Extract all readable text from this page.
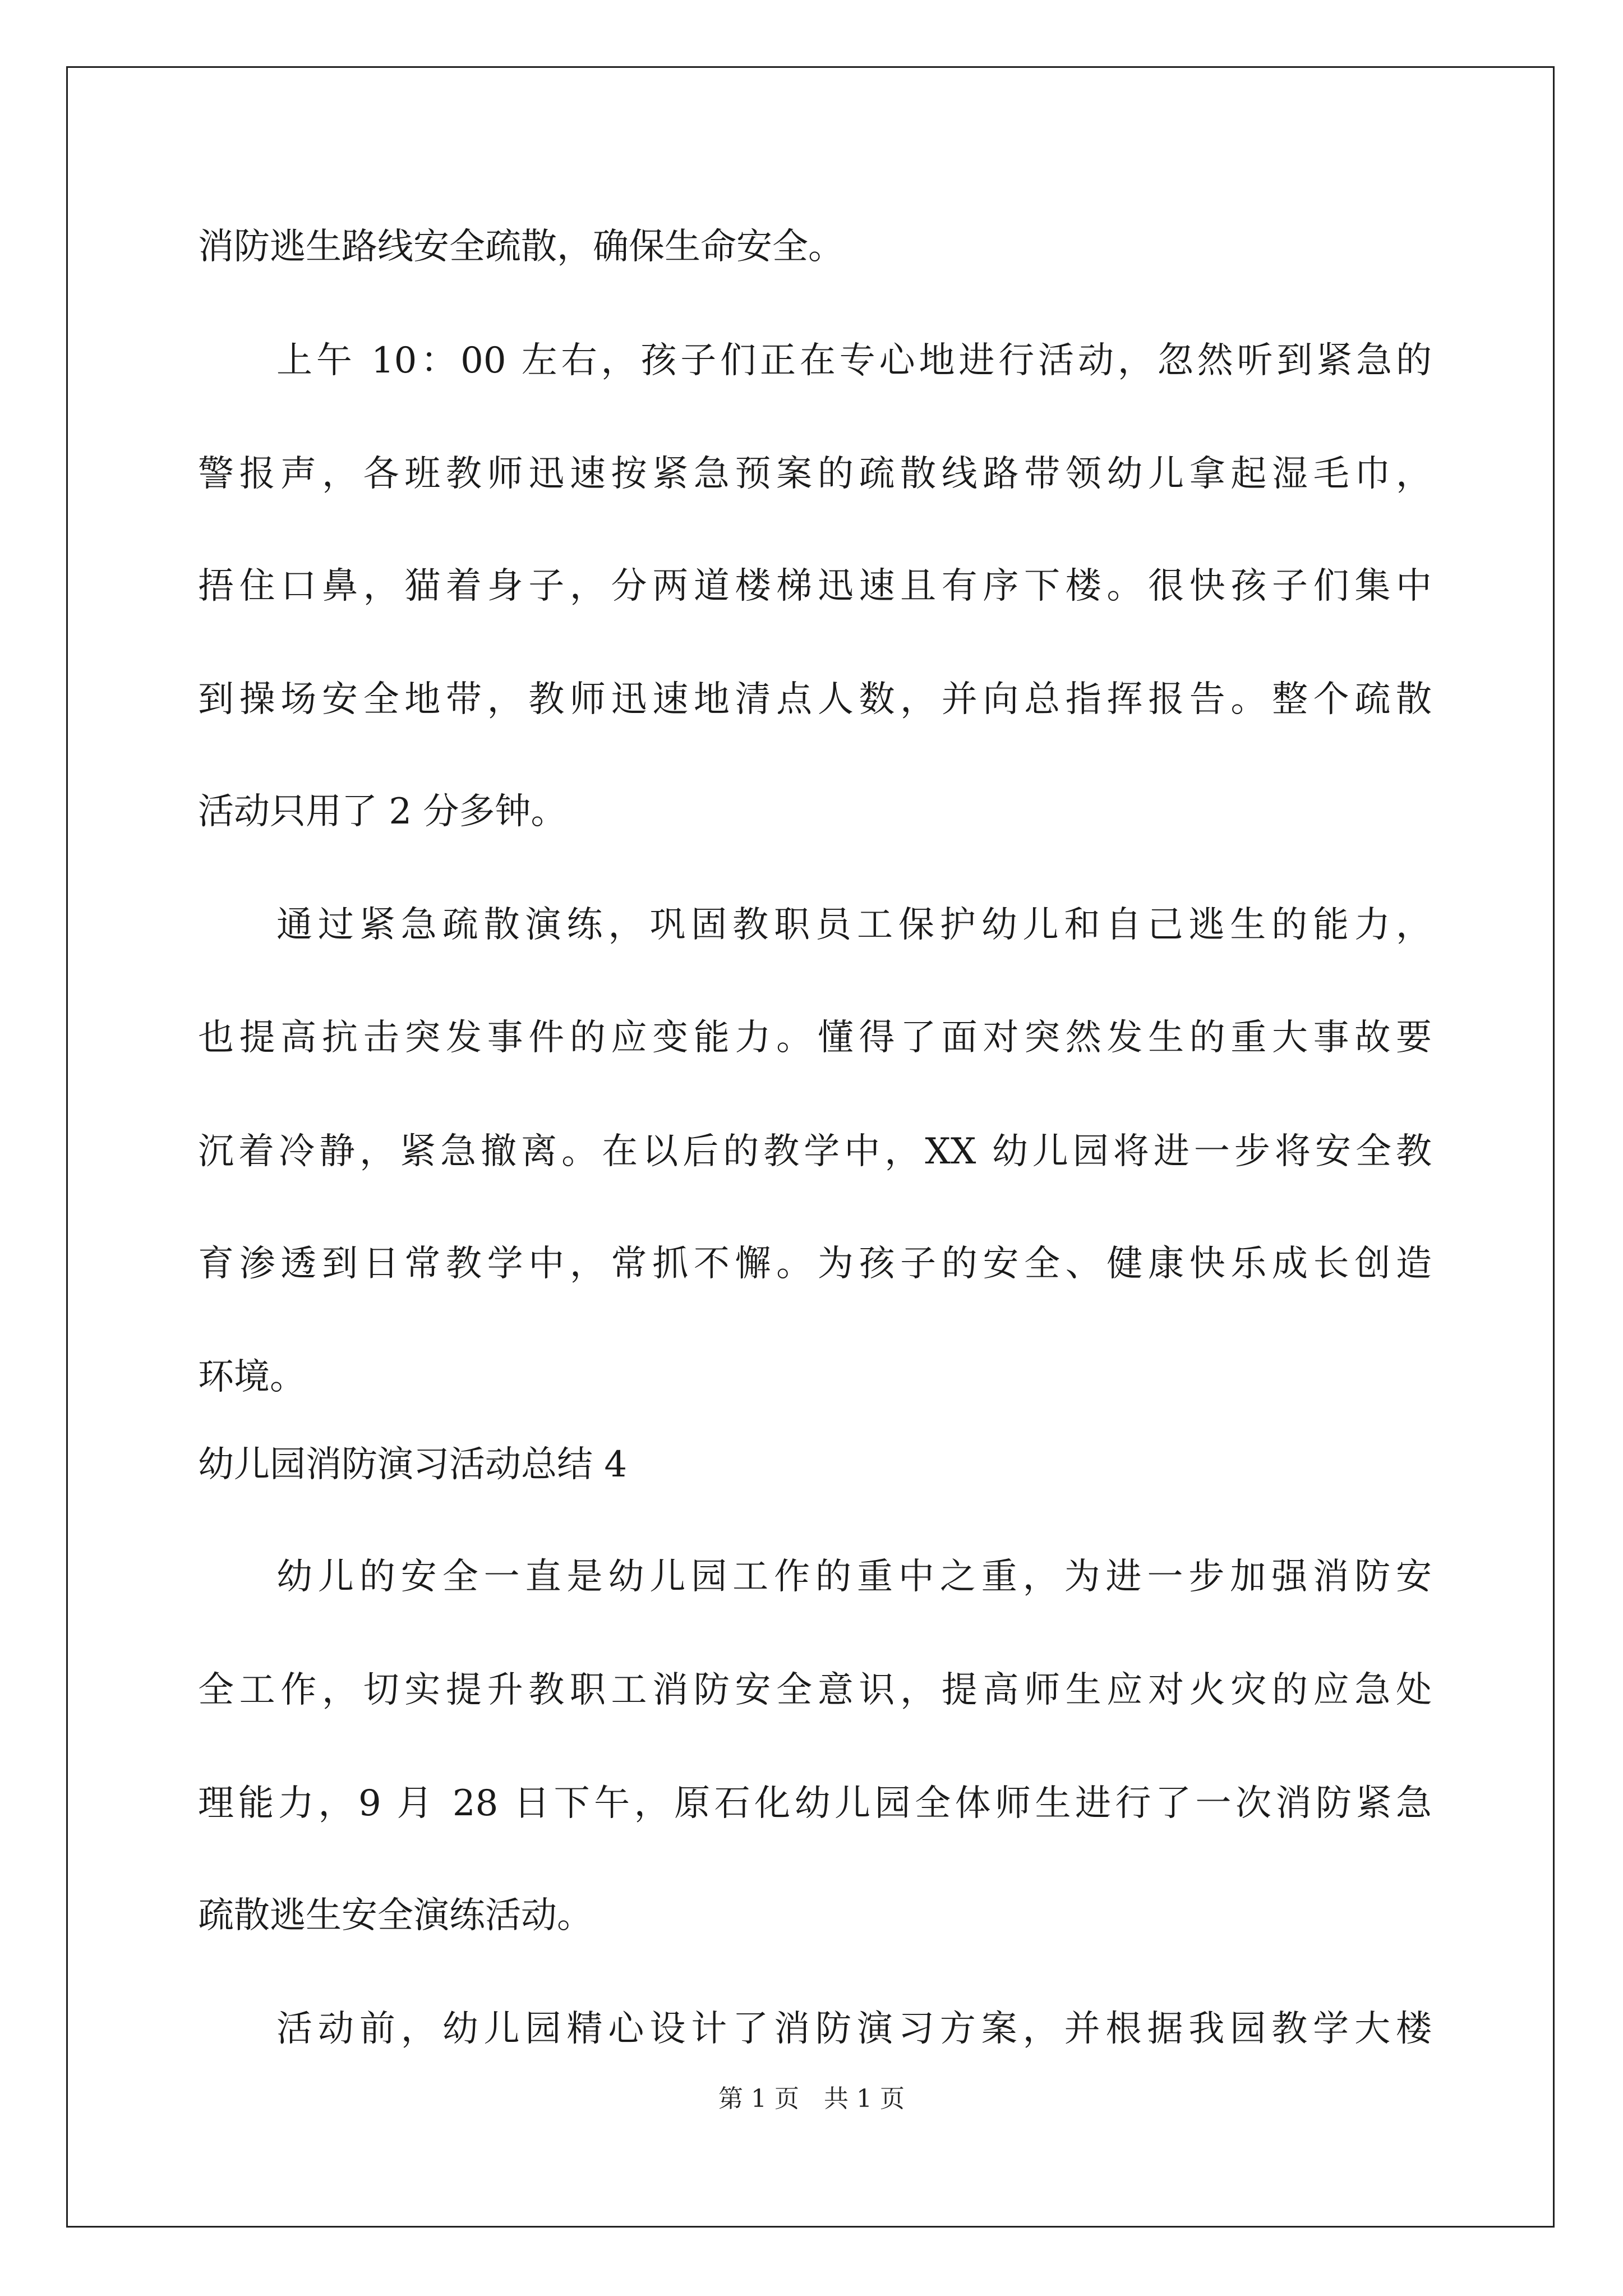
消防逃生路线安全疏散，确保生命安全。
上午 10：00 左右，孩子们正在专心地进行活动，忽然听到紧急的
警报声，各班教师迅速按紧急预案的疏散线路带领幼儿拿起湿毛巾，
捂住口鼻，猫着身子，分两道楼梯迅速且有序下楼。很快孩子们集中
到操场安全地带，教师迅速地清点人数，并向总指挥报告。整个疏散
活动只用了 2 分多钟。
通过紧急疏散演练，巩固教职员工保护幼儿和自己逃生的能力，
也提高抗击突发事件的应变能力。懂得了面对突然发生的重大事故要
沉着冷静，紧急撤离。在以后的教学中，XX 幼儿园将进一步将安全教
育渗透到日常教学中，常抓不懈。为孩子的安全、健康快乐成长创造
环境。
幼儿园消防演习活动总结 4
幼儿的安全一直是幼儿园工作的重中之重，为进一步加强消防安
全工作，切实提升教职工消防安全意识，提高师生应对火灾的应急处
理能力，9 月 28 日下午，原石化幼儿园全体师生进行了一次消防紧急
疏散逃生安全演练活动。
活动前，幼儿园精心设计了消防演习方案，并根据我园教学大楼
第 1 页 共 1 页
